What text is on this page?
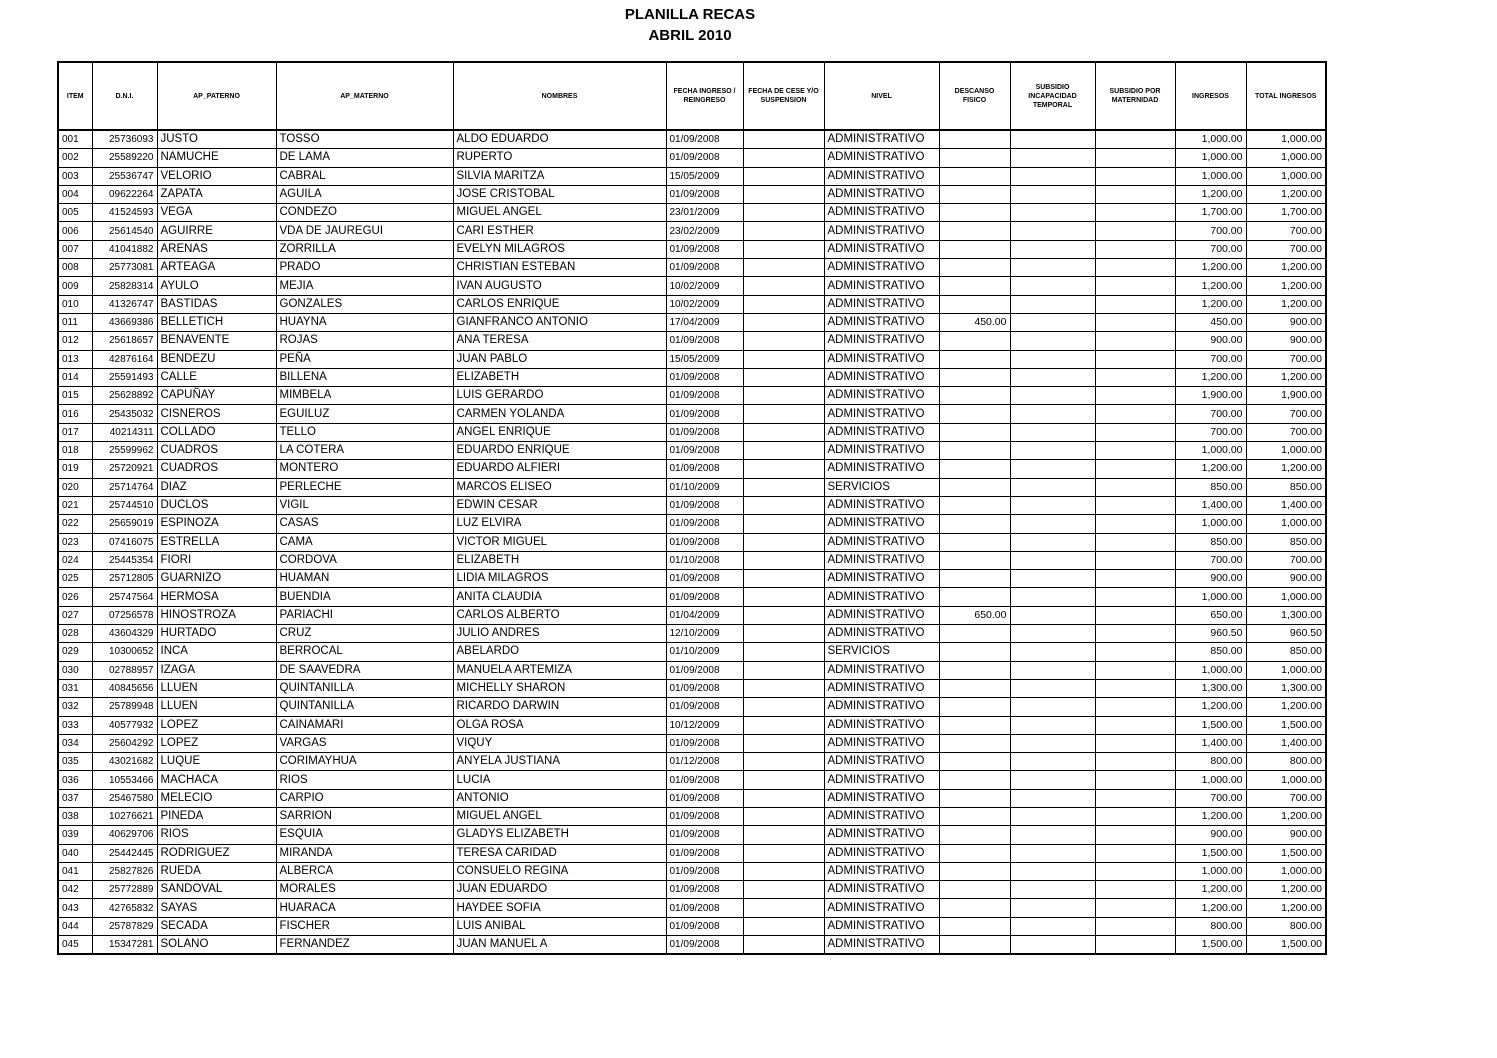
PLANILLA RECAS
ABRIL 2010
ITEM	D.N.I.	AP_PATERNO	AP_MATERNO	NOMBRES	FECHA INGRESO / REINGRESO	FECHA DE CESE Y/O SUSPENSION	NIVEL	DESCANSO FISICO	SUBSIDIO INCAPACIDAD TEMPORAL	SUBSIDIO POR MATERNIDAD	INGRESOS	TOTAL INGRESOS
001	25736093	JUSTO	TOSSO	ALDO EDUARDO	01/09/2008		ADMINISTRATIVO				1,000.00	1,000.00
002	25589220	NAMUCHE	DE LAMA	RUPERTO	01/09/2008		ADMINISTRATIVO				1,000.00	1,000.00
003	25536747	VELORIO	CABRAL	SILVIA MARITZA	15/05/2009		ADMINISTRATIVO				1,000.00	1,000.00
004	09622264	ZAPATA	AGUILA	JOSE CRISTOBAL	01/09/2008		ADMINISTRATIVO				1,200.00	1,200.00
005	41524593	VEGA	CONDEZO	MIGUEL ANGEL	23/01/2009		ADMINISTRATIVO				1,700.00	1,700.00
006	25614540	AGUIRRE	VDA DE JAUREGUI	CARI ESTHER	23/02/2009		ADMINISTRATIVO				700.00	700.00
007	41041882	ARENAS	ZORRILLA	EVELYN MILAGROS	01/09/2008		ADMINISTRATIVO				700.00	700.00
008	25773081	ARTEAGA	PRADO	CHRISTIAN ESTEBAN	01/09/2008		ADMINISTRATIVO				1,200.00	1,200.00
009	25828314	AYULO	MEJIA	IVAN AUGUSTO	10/02/2009		ADMINISTRATIVO				1,200.00	1,200.00
010	41326747	BASTIDAS	GONZALES	CARLOS ENRIQUE	10/02/2009		ADMINISTRATIVO				1,200.00	1,200.00
011	43669386	BELLETICH	HUAYNA	GIANFRANCO ANTONIO	17/04/2009		ADMINISTRATIVO	450.00			450.00	900.00
012	25618657	BENAVENTE	ROJAS	ANA TERESA	01/09/2008		ADMINISTRATIVO				900.00	900.00
013	42876164	BENDEZU	PEÑA	JUAN PABLO	15/05/2009		ADMINISTRATIVO				700.00	700.00
014	25591493	CALLE	BILLENA	ELIZABETH	01/09/2008		ADMINISTRATIVO				1,200.00	1,200.00
015	25628892	CAPUÑAY	MIMBELA	LUIS GERARDO	01/09/2008		ADMINISTRATIVO				1,900.00	1,900.00
016	25435032	CISNEROS	EGUILUZ	CARMEN YOLANDA	01/09/2008		ADMINISTRATIVO				700.00	700.00
017	40214311	COLLADO	TELLO	ANGEL ENRIQUE	01/09/2008		ADMINISTRATIVO				700.00	700.00
018	25599962	CUADROS	LA COTERA	EDUARDO ENRIQUE	01/09/2008		ADMINISTRATIVO				1,000.00	1,000.00
019	25720921	CUADROS	MONTERO	EDUARDO ALFIERI	01/09/2008		ADMINISTRATIVO				1,200.00	1,200.00
020	25714764	DIAZ	PERLECHE	MARCOS ELISEO	01/10/2009		SERVICIOS				850.00	850.00
021	25744510	DUCLOS	VIGIL	EDWIN CESAR	01/09/2008		ADMINISTRATIVO				1,400.00	1,400.00
022	25659019	ESPINOZA	CASAS	LUZ ELVIRA	01/09/2008		ADMINISTRATIVO				1,000.00	1,000.00
023	07416075	ESTRELLA	CAMA	VICTOR MIGUEL	01/09/2008		ADMINISTRATIVO				850.00	850.00
024	25445354	FIORI	CORDOVA	ELIZABETH	01/10/2008		ADMINISTRATIVO				700.00	700.00
025	25712805	GUARNIZO	HUAMAN	LIDIA MILAGROS	01/09/2008		ADMINISTRATIVO				900.00	900.00
026	25747564	HERMOSA	BUENDIA	ANITA CLAUDIA	01/09/2008		ADMINISTRATIVO				1,000.00	1,000.00
027	07256578	HINOSTROZA	PARIACHI	CARLOS ALBERTO	01/04/2009		ADMINISTRATIVO	650.00			650.00	1,300.00
028	43604329	HURTADO	CRUZ	JULIO ANDRES	12/10/2009		ADMINISTRATIVO				960.50	960.50
029	10300652	INCA	BERROCAL	ABELARDO	01/10/2009		SERVICIOS				850.00	850.00
030	02788957	IZAGA	DE SAAVEDRA	MANUELA ARTEMIZA	01/09/2008		ADMINISTRATIVO				1,000.00	1,000.00
031	40845656	LLUEN	QUINTANILLA	MICHELLY SHARON	01/09/2008		ADMINISTRATIVO				1,300.00	1,300.00
032	25789948	LLUEN	QUINTANILLA	RICARDO DARWIN	01/09/2008		ADMINISTRATIVO				1,200.00	1,200.00
033	40577932	LOPEZ	CAINAMARI	OLGA ROSA	10/12/2009		ADMINISTRATIVO				1,500.00	1,500.00
034	25604292	LOPEZ	VARGAS	VIQUY	01/09/2008		ADMINISTRATIVO				1,400.00	1,400.00
035	43021682	LUQUE	CORIMAYHUA	ANYELA JUSTIANA	01/12/2008		ADMINISTRATIVO				800.00	800.00
036	10553466	MACHACA	RIOS	LUCIA	01/09/2008		ADMINISTRATIVO				1,000.00	1,000.00
037	25467580	MELECIO	CARPIO	ANTONIO	01/09/2008		ADMINISTRATIVO				700.00	700.00
038	10276621	PINEDA	SARRION	MIGUEL ANGEL	01/09/2008		ADMINISTRATIVO				1,200.00	1,200.00
039	40629706	RIOS	ESQUIA	GLADYS ELIZABETH	01/09/2008		ADMINISTRATIVO				900.00	900.00
040	25442445	RODRIGUEZ	MIRANDA	TERESA CARIDAD	01/09/2008		ADMINISTRATIVO				1,500.00	1,500.00
041	25827826	RUEDA	ALBERCA	CONSUELO REGINA	01/09/2008		ADMINISTRATIVO				1,000.00	1,000.00
042	25772889	SANDOVAL	MORALES	JUAN EDUARDO	01/09/2008		ADMINISTRATIVO				1,200.00	1,200.00
043	42765832	SAYAS	HUARACA	HAYDEE SOFIA	01/09/2008		ADMINISTRATIVO				1,200.00	1,200.00
044	25787829	SECADA	FISCHER	LUIS ANIBAL	01/09/2008		ADMINISTRATIVO				800.00	800.00
045	15347281	SOLANO	FERNANDEZ	JUAN MANUEL A	01/09/2008		ADMINISTRATIVO				1,500.00	1,500.00
